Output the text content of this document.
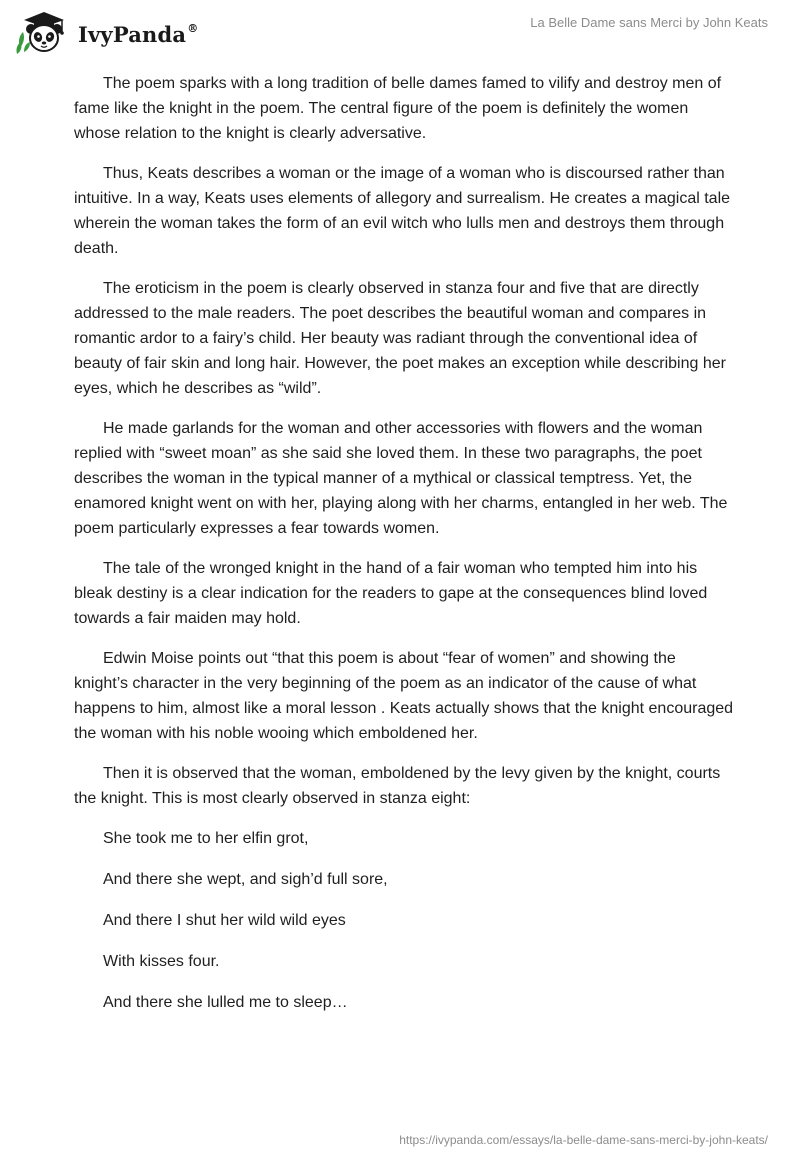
IvyPanda®	La Belle Dame sans Merci by John Keats

The poem sparks with a long tradition of belle dames famed to vilify and destroy men of fame like the knight in the poem. The central figure of the poem is definitely the women whose relation to the knight is clearly adversative.

Thus, Keats describes a woman or the image of a woman who is discoursed rather than intuitive. In a way, Keats uses elements of allegory and surrealism. He creates a magical tale wherein the woman takes the form of an evil witch who lulls men and destroys them through death.

The eroticism in the poem is clearly observed in stanza four and five that are directly addressed to the male readers. The poet describes the beautiful woman and compares in romantic ardor to a fairy’s child. Her beauty was radiant through the conventional idea of beauty of fair skin and long hair. However, the poet makes an exception while describing her eyes, which he describes as “wild”.

He made garlands for the woman and other accessories with flowers and the woman replied with “sweet moan” as she said she loved them. In these two paragraphs, the poet describes the woman in the typical manner of a mythical or classical temptress. Yet, the enamored knight went on with her, playing along with her charms, entangled in her web. The poem particularly expresses a fear towards women.

The tale of the wronged knight in the hand of a fair woman who tempted him into his bleak destiny is a clear indication for the readers to gape at the consequences blind loved towards a fair maiden may hold.

Edwin Moise points out “that this poem is about “fear of women” and showing the knight’s character in the very beginning of the poem as an indicator of the cause of what happens to him, almost like a moral lesson . Keats actually shows that the knight encouraged the woman with his noble wooing which emboldened her.

Then it is observed that the woman, emboldened by the levy given by the knight, courts the knight. This is most clearly observed in stanza eight:

She took me to her elfin grot,

And there she wept, and sigh’d full sore,

And there I shut her wild wild eyes

With kisses four.

And there she lulled me to sleep…

https://ivypanda.com/essays/la-belle-dame-sans-merci-by-john-keats/
